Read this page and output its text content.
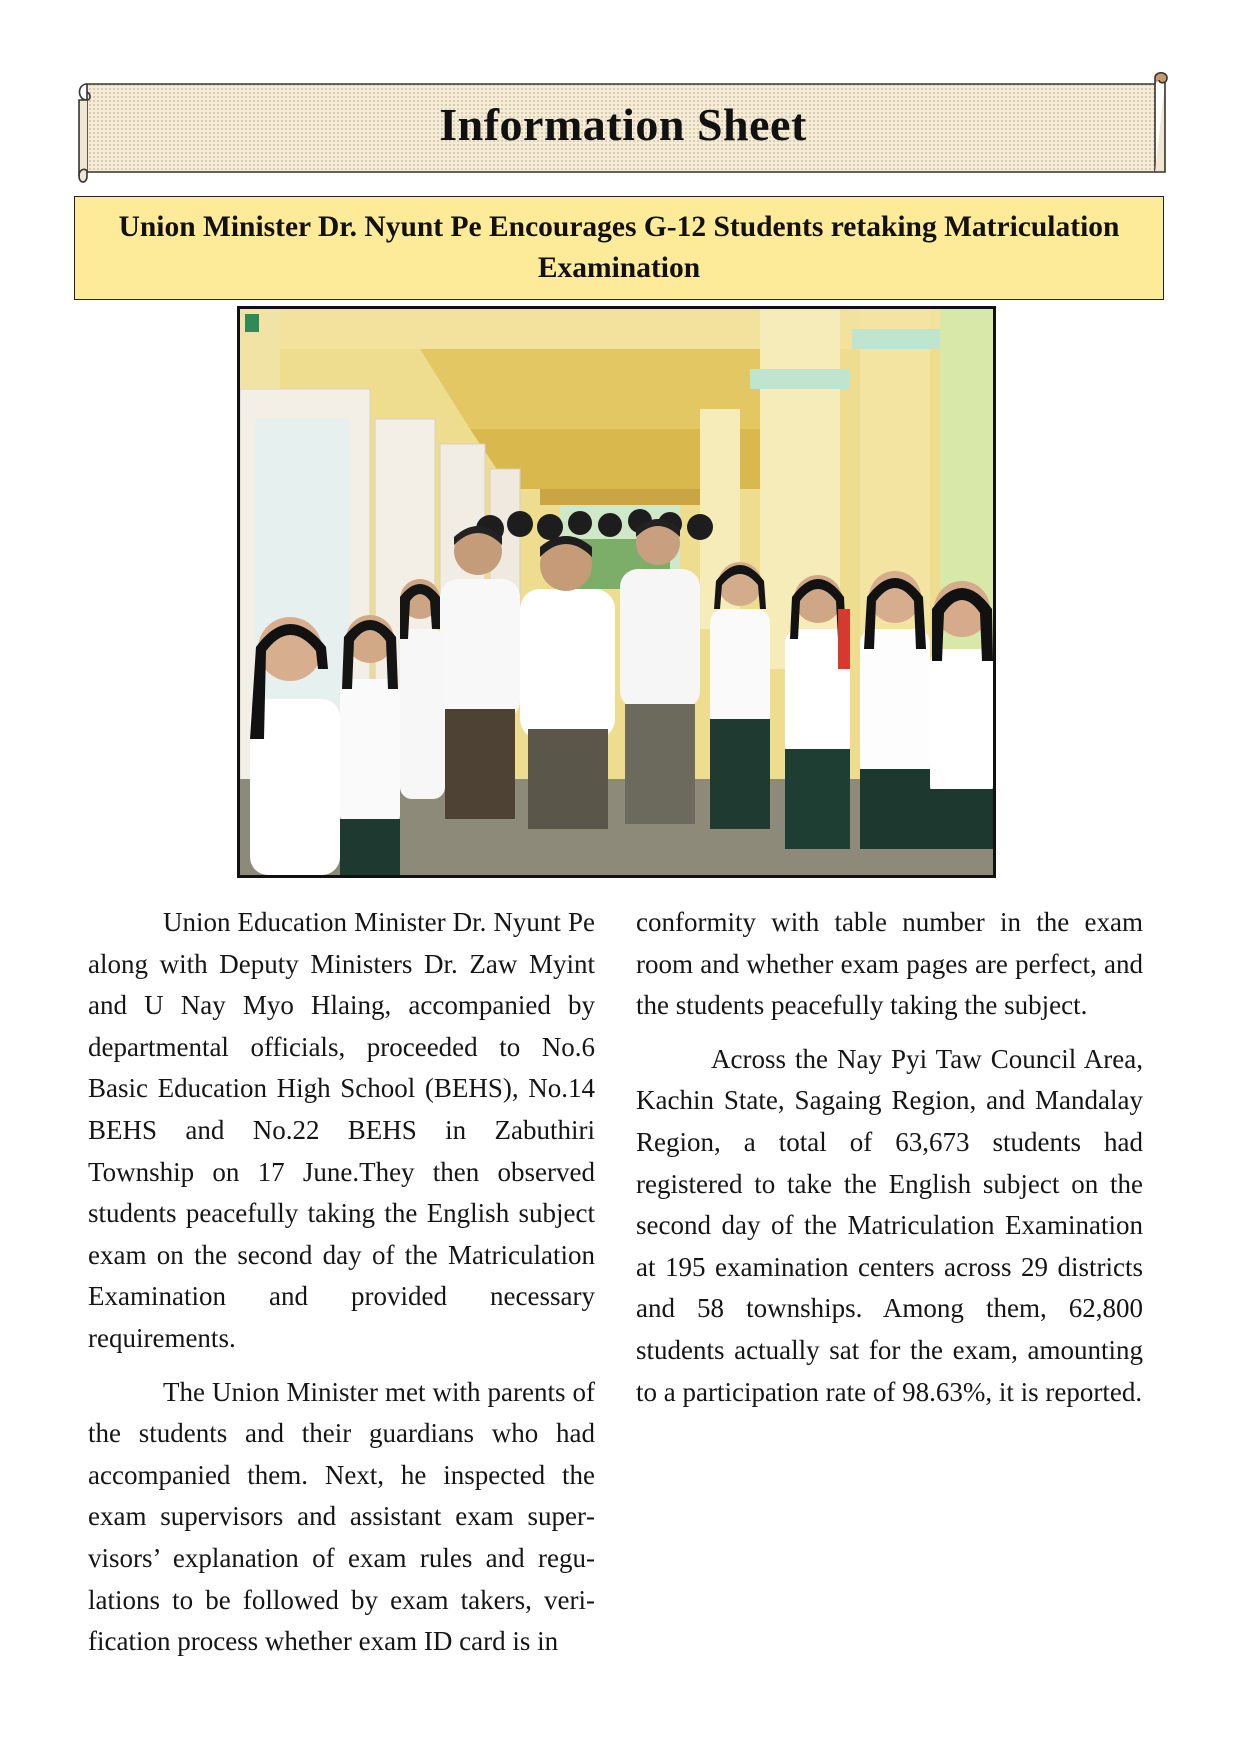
Information Sheet

Union Minister Dr. Nyunt Pe Encourages G-12 Students retaking Matriculation Examination

Union Education Minister Dr. Nyunt Pe along with Deputy Ministers Dr. Zaw Myint and U Nay Myo Hlaing, accompanied by departmental officials, proceeded to No.6 Basic Education High School (BEHS), No.14 BEHS and No.22 BEHS in Zabuthiri Township on 17 June.They then observed students peacefully taking the English subject exam on the second day of the Matriculation Examination and provided necessary requirements.

The Union Minister met with parents of the students and their guardians who had accompanied them. Next, he inspected the exam supervisors and assistant exam supervisors’ explanation of exam rules and regulations to be followed by exam takers, verification process whether exam ID card is in

conformity with table number in the exam room and whether exam pages are perfect, and the students peacefully taking the subject.

Across the Nay Pyi Taw Council Area, Kachin State, Sagaing Region, and Mandalay Region, a total of 63,673 students had registered to take the English subject on the second day of the Matriculation Examination at 195 examination centers across 29 districts and 58 townships. Among them, 62,800 students actually sat for the exam, amounting to a participation rate of 98.63%, it is reported.
